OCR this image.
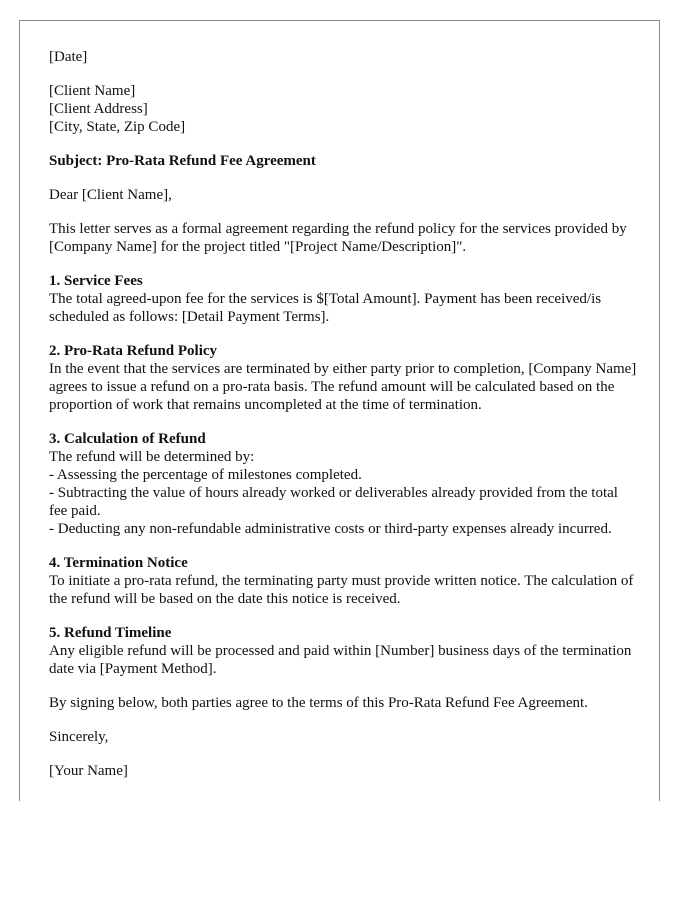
[Date]
[Client Name]
[Client Address]
[City, State, Zip Code]
Subject: Pro-Rata Refund Fee Agreement
Dear [Client Name],
This letter serves as a formal agreement regarding the refund policy for the services provided by [Company Name] for the project titled "[Project Name/Description]".
1. Service Fees
The total agreed-upon fee for the services is $[Total Amount]. Payment has been received/is scheduled as follows: [Detail Payment Terms].
2. Pro-Rata Refund Policy
In the event that the services are terminated by either party prior to completion, [Company Name] agrees to issue a refund on a pro-rata basis. The refund amount will be calculated based on the proportion of work that remains uncompleted at the time of termination.
3. Calculation of Refund
The refund will be determined by:
- Assessing the percentage of milestones completed.
- Subtracting the value of hours already worked or deliverables already provided from the total fee paid.
- Deducting any non-refundable administrative costs or third-party expenses already incurred.
4. Termination Notice
To initiate a pro-rata refund, the terminating party must provide written notice. The calculation of the refund will be based on the date this notice is received.
5. Refund Timeline
Any eligible refund will be processed and paid within [Number] business days of the termination date via [Payment Method].
By signing below, both parties agree to the terms of this Pro-Rata Refund Fee Agreement.
Sincerely,
[Your Name]
